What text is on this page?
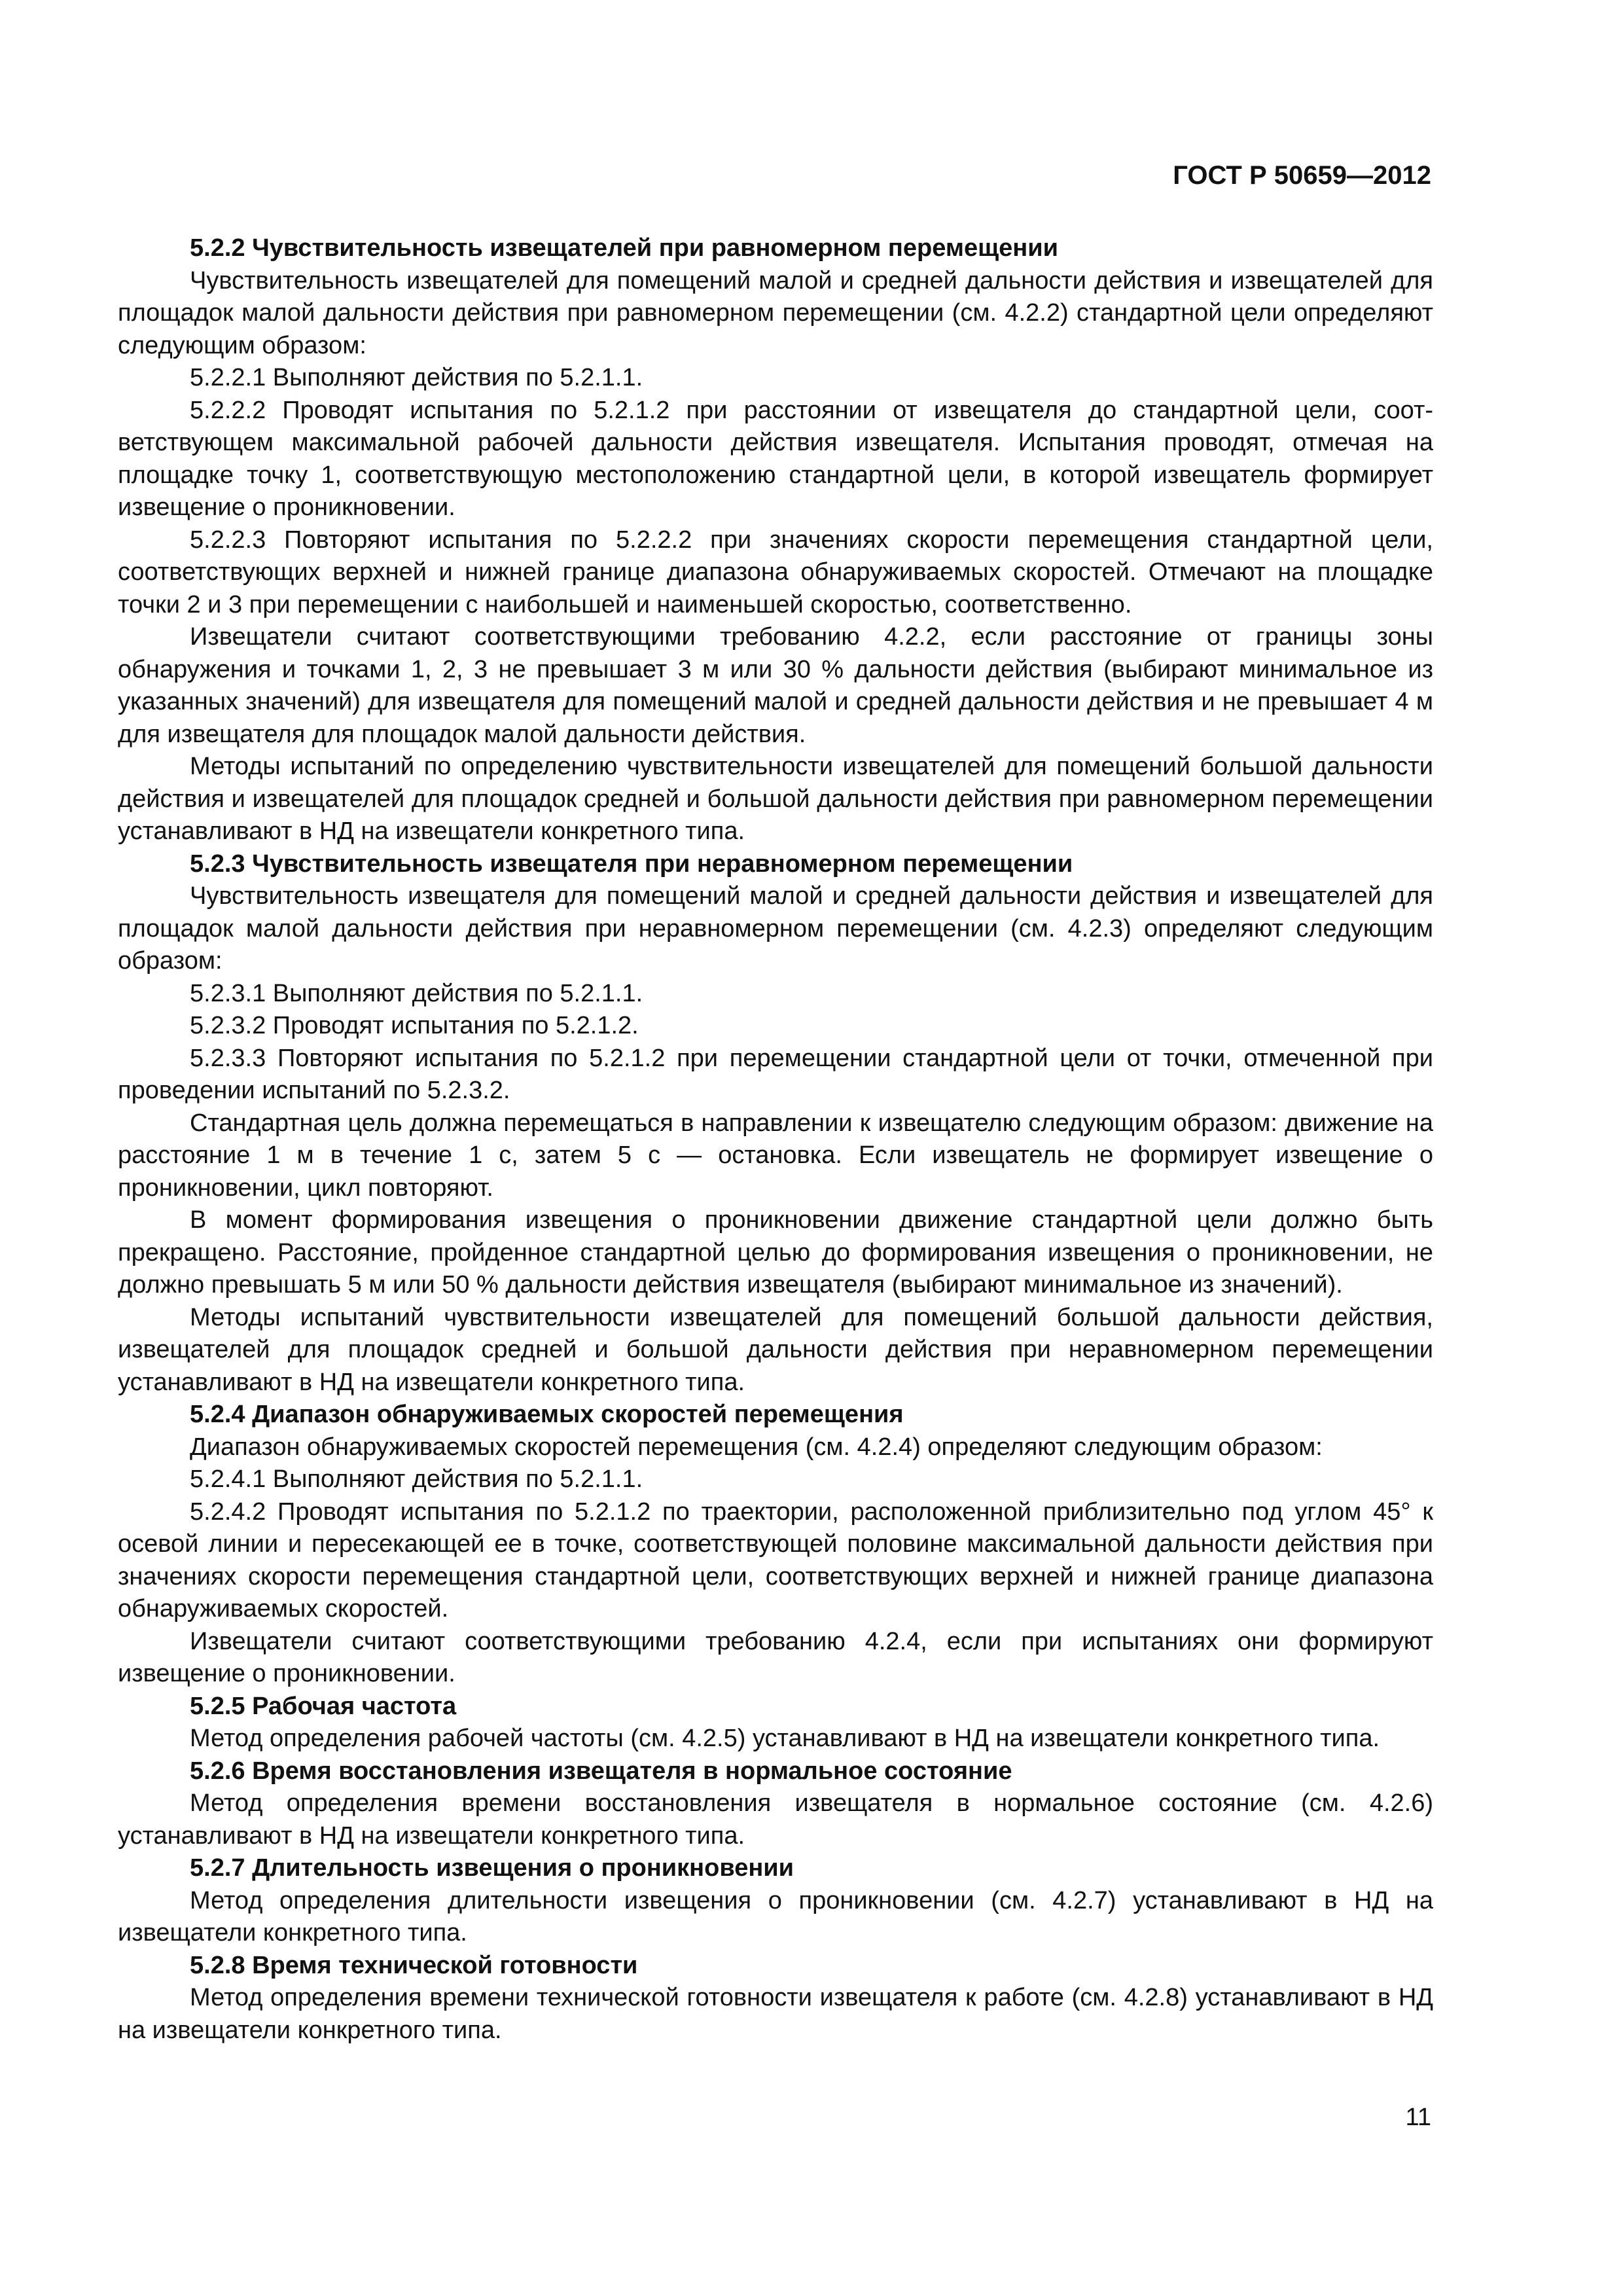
ГОСТ Р 50659—2012

5.2.2 Чувствительность извещателей при равномерном перемещении

Чувствительность извещателей для помещений малой и средней дальности действия и извещателей для площадок малой дальности действия при равномерном перемещении (см. 4.2.2) стандартной цели определяют следующим образом:

5.2.2.1 Выполняют действия по 5.2.1.1.

5.2.2.2 Проводят испытания по 5.2.1.2 при расстоянии от извещателя до стандартной цели, соответствующем максимальной рабочей дальности действия извещателя. Испытания проводят, отмечая на площадке точку 1, соответствующую местоположению стандартной цели, в которой извещатель формирует извещение о проникновении.

5.2.2.3 Повторяют испытания по 5.2.2.2 при значениях скорости перемещения стандартной цели, соответствующих верхней и нижней границе диапазона обнаруживаемых скоростей. Отмечают на площадке точки 2 и 3 при перемещении с наибольшей и наименьшей скоростью, соответственно.

Извещатели считают соответствующими требованию 4.2.2, если расстояние от границы зоны обнаружения и точками 1, 2, 3 не превышает 3 м или 30 % дальности действия (выбирают минимальное из указанных значений) для извещателя для помещений малой и средней дальности действия и не превышает 4 м для извещателя для площадок малой дальности действия.

Методы испытаний по определению чувствительности извещателей для помещений большой дальности действия и извещателей для площадок средней и большой дальности действия при равномерном перемещении устанавливают в НД на извещатели конкретного типа.

5.2.3 Чувствительность извещателя при неравномерном перемещении

Чувствительность извещателя для помещений малой и средней дальности действия и извещателей для площадок малой дальности действия при неравномерном перемещении (см. 4.2.3) определяют следующим образом:

5.2.3.1 Выполняют действия по 5.2.1.1.

5.2.3.2 Проводят испытания по 5.2.1.2.

5.2.3.3 Повторяют испытания по 5.2.1.2 при перемещении стандартной цели от точки, отмеченной при проведении испытаний по 5.2.3.2.

Стандартная цель должна перемещаться в направлении к извещателю следующим образом: движение на расстояние 1 м в течение 1 с, затем 5 с — остановка. Если извещатель не формирует извещение о проникновении, цикл повторяют.

В момент формирования извещения о проникновении движение стандартной цели должно быть прекращено. Расстояние, пройденное стандартной целью до формирования извещения о проникновении, не должно превышать 5 м или 50 % дальности действия извещателя (выбирают минимальное из значений).

Методы испытаний чувствительности извещателей для помещений большой дальности действия, извещателей для площадок средней и большой дальности действия при неравномерном перемещении устанавливают в НД на извещатели конкретного типа.

5.2.4 Диапазон обнаруживаемых скоростей перемещения

Диапазон обнаруживаемых скоростей перемещения (см. 4.2.4) определяют следующим образом:

5.2.4.1 Выполняют действия по 5.2.1.1.

5.2.4.2 Проводят испытания по 5.2.1.2 по траектории, расположенной приблизительно под углом 45° к осевой линии и пересекающей ее в точке, соответствующей половине максимальной дальности действия при значениях скорости перемещения стандартной цели, соответствующих верхней и нижней границе диапазона обнаруживаемых скоростей.

Извещатели считают соответствующими требованию 4.2.4, если при испытаниях они формируют извещение о проникновении.

5.2.5 Рабочая частота

Метод определения рабочей частоты (см. 4.2.5) устанавливают в НД на извещатели конкретного типа.

5.2.6 Время восстановления извещателя в нормальное состояние

Метод определения времени восстановления извещателя в нормальное состояние (см. 4.2.6) устанавливают в НД на извещатели конкретного типа.

5.2.7 Длительность извещения о проникновении

Метод определения длительности извещения о проникновении (см. 4.2.7) устанавливают в НД на извещатели конкретного типа.

5.2.8 Время технической готовности

Метод определения времени технической готовности извещателя к работе (см. 4.2.8) устанавливают в НД на извещатели конкретного типа.

11
